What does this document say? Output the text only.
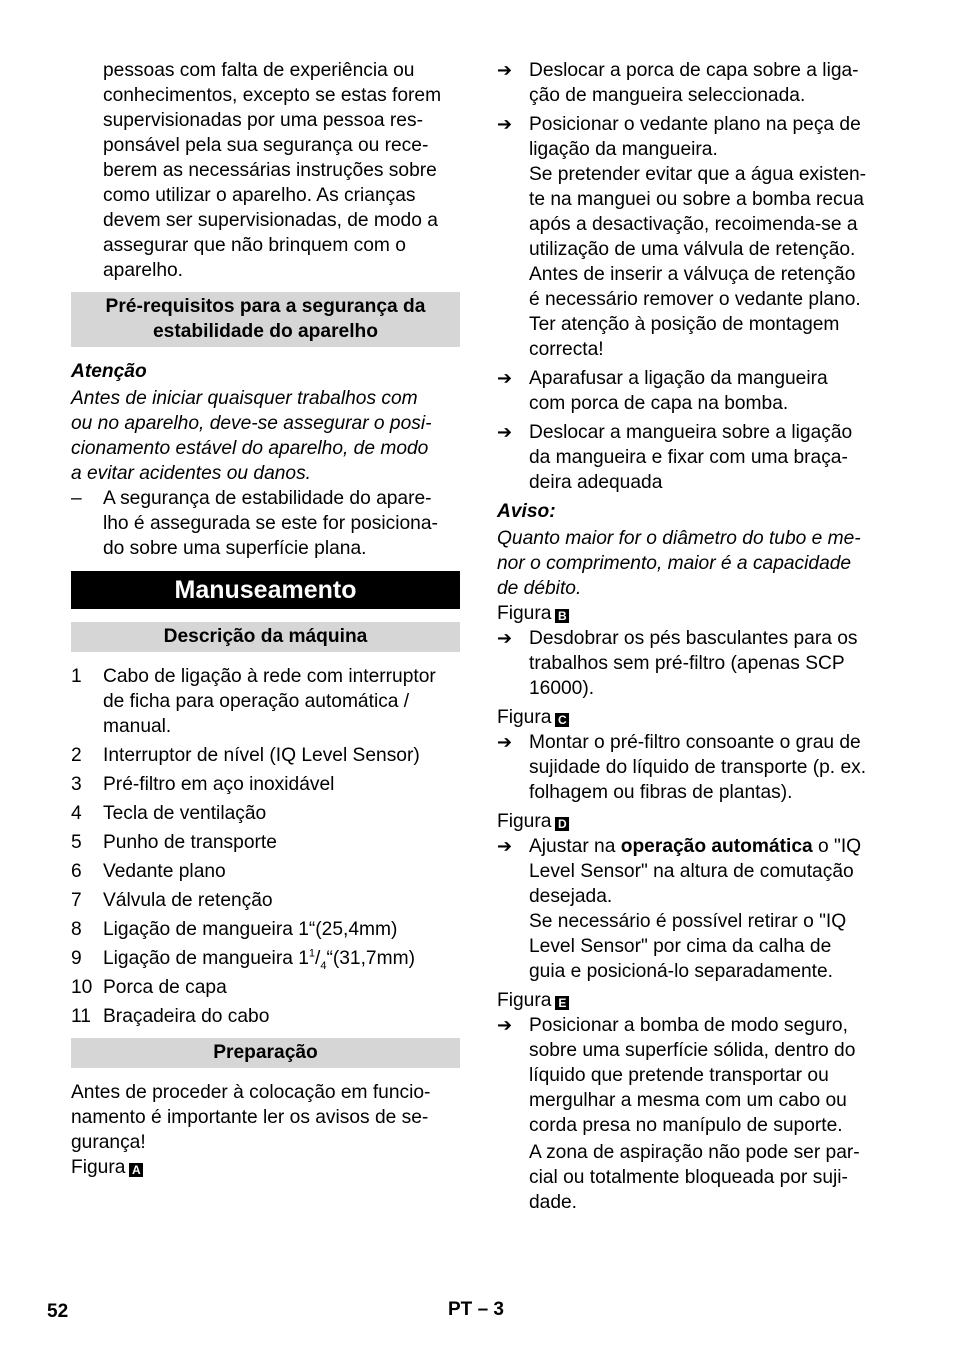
pessoas com falta de experiência ou

conhecimentos, excepto se estas forem

supervisionadas por uma pessoa res-

ponsável pela sua segurança ou rece-

berem as necessárias instruções sobre

como utilizar o aparelho. As crianças

devem ser supervisionadas, de modo a

assegurar que não brinquem com o

aparelho.

Pré-requisitos para a segurança da

estabilidade do aparelho

Atenção

Antes de iniciar quaisquer trabalhos com

ou no aparelho, deve-se assegurar o posi-

cionamento estável do aparelho, de modo

a evitar acidentes ou danos.

–	A segurança de estabilidade do apare-

lho é assegurada se este for posiciona-

do sobre uma superfície plana.

Manuseamento
Descrição da máquina
1	Cabo de ligação à rede com interruptor

de ficha para operação automática /

manual.

2	Interruptor de nível (IQ Level Sensor)

3	Pré-filtro em aço inoxidável

4	Tecla de ventilação

5	Punho de transporte

6	Vedante plano

7	Válvula de retenção

8	Ligação de mangueira 1“(25,4mm)

9	Ligação de mangueira $1^1/_4“(31,7mm)$

10 Porca de capa

11 Braçadeira do cabo

Preparação

Antes de proceder à colocação em funcio-

namento é importante ler os avisos de se-

gurança!

Figura A

➔ Deslocar a porca de capa sobre a liga-

ção de mangueira seleccionada.

➔ Posicionar o vedante plano na peça de

ligação da mangueira.

Se pretender evitar que a água existen-

te na manguei ou sobre a bomba recua

após a desactivação, recoimenda-se a

utilização de uma válvula de retenção.

Antes de inserir a válvuça de retenção

é necessário remover o vedante plano.

Ter atenção à posição de montagem

correcta!

➔ Aparafusar a ligação da mangueira

com porca de capa na bomba.

➔ Deslocar a mangueira sobre a ligação

da mangueira e fixar com uma braça-

deira adequada

Aviso:

Quanto maior for o diâmetro do tubo e me-

nor o comprimento, maior é a capacidade

de débito.

Figura B

➔ Desdobrar os pés basculantes para os

trabalhos sem pré-filtro (apenas SCP

16000).

Figura C

➔ Montar o pré-filtro consoante o grau de

sujidade do líquido de transporte (p. ex.

folhagem ou fibras de plantas).

Figura D

➔ Ajustar na operação automática o "IQ

Level Sensor" na altura de comutação

desejada.

Se necessário é possível retirar o "IQ

Level Sensor" por cima da calha de

guia e posicioná-lo separadamente.

Figura E

➔ Posicionar a bomba de modo seguro,

sobre uma superfície sólida, dentro do

líquido que pretende transportar ou

mergulhar a mesma com um cabo ou

corda presa no manípulo de suporte.

A zona de aspiração não pode ser par-

cial ou totalmente bloqueada por suji-

dade.

52	PT – 3
